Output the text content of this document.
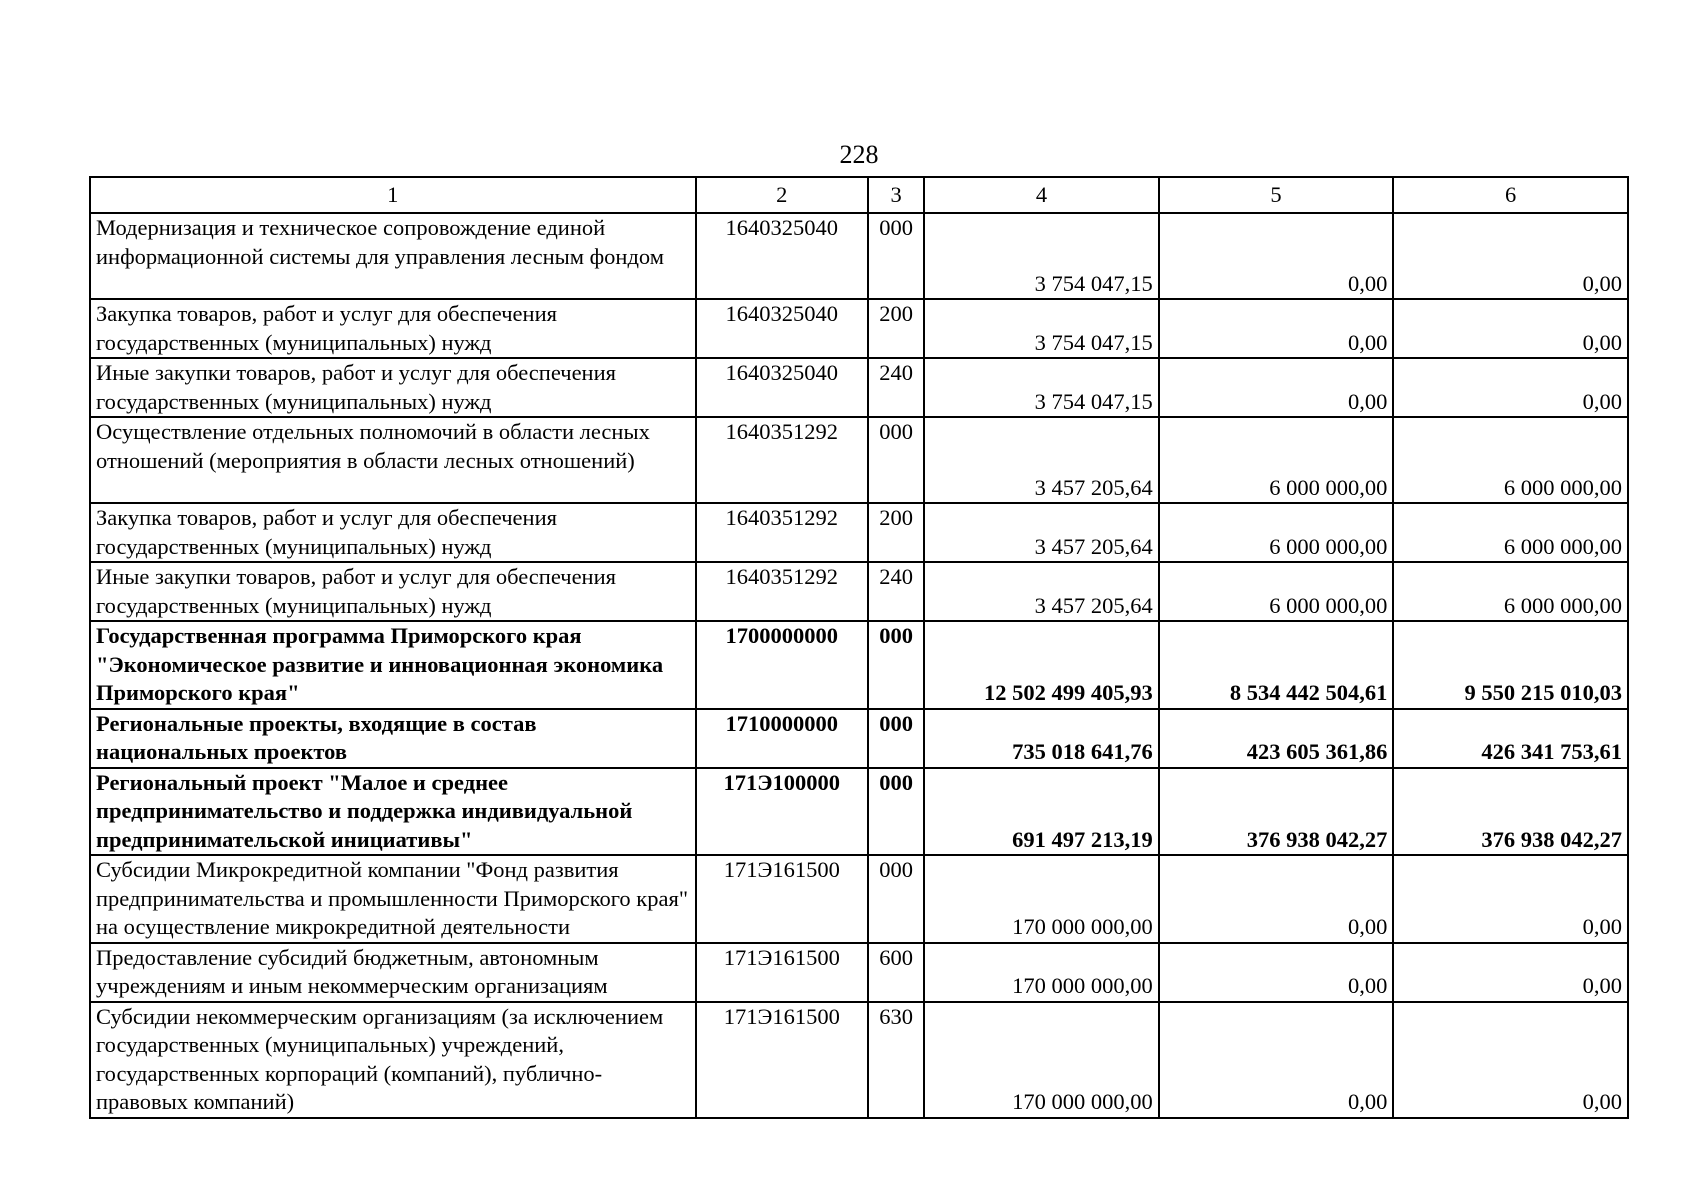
228
1	2	3	4	5	6
Модернизация и техническое сопровождение единой информационной системы для управления лесным фондом	1640325040	000	3 754 047,15	0,00	0,00
Закупка товаров, работ и услуг для обеспечения государственных (муниципальных) нужд	1640325040	200	3 754 047,15	0,00	0,00
Иные закупки товаров, работ и услуг для обеспечения государственных (муниципальных) нужд	1640325040	240	3 754 047,15	0,00	0,00
Осуществление отдельных полномочий в области лесных отношений (мероприятия в области лесных отношений)	1640351292	000	3 457 205,64	6 000 000,00	6 000 000,00
Закупка товаров, работ и услуг для обеспечения государственных (муниципальных) нужд	1640351292	200	3 457 205,64	6 000 000,00	6 000 000,00
Иные закупки товаров, работ и услуг для обеспечения государственных (муниципальных) нужд	1640351292	240	3 457 205,64	6 000 000,00	6 000 000,00
Государственная программа Приморского края "Экономическое развитие и инновационная экономика Приморского края"	1700000000	000	12 502 499 405,93	8 534 442 504,61	9 550 215 010,03
Региональные проекты, входящие в состав национальных проектов	1710000000	000	735 018 641,76	423 605 361,86	426 341 753,61
Региональный проект "Малое и среднее предпринимательство и поддержка индивидуальной предпринимательской инициативы"	171Э100000	000	691 497 213,19	376 938 042,27	376 938 042,27
Субсидии Микрокредитной компании "Фонд развития предпринимательства и промышленности Приморского края" на осуществление микрокредитной деятельности	171Э161500	000	170 000 000,00	0,00	0,00
Предоставление субсидий бюджетным, автономным учреждениям и иным некоммерческим организациям	171Э161500	600	170 000 000,00	0,00	0,00
Субсидии некоммерческим организациям (за исключением государственных (муниципальных) учреждений, государственных корпораций (компаний), публично-правовых компаний)	171Э161500	630	170 000 000,00	0,00	0,00
